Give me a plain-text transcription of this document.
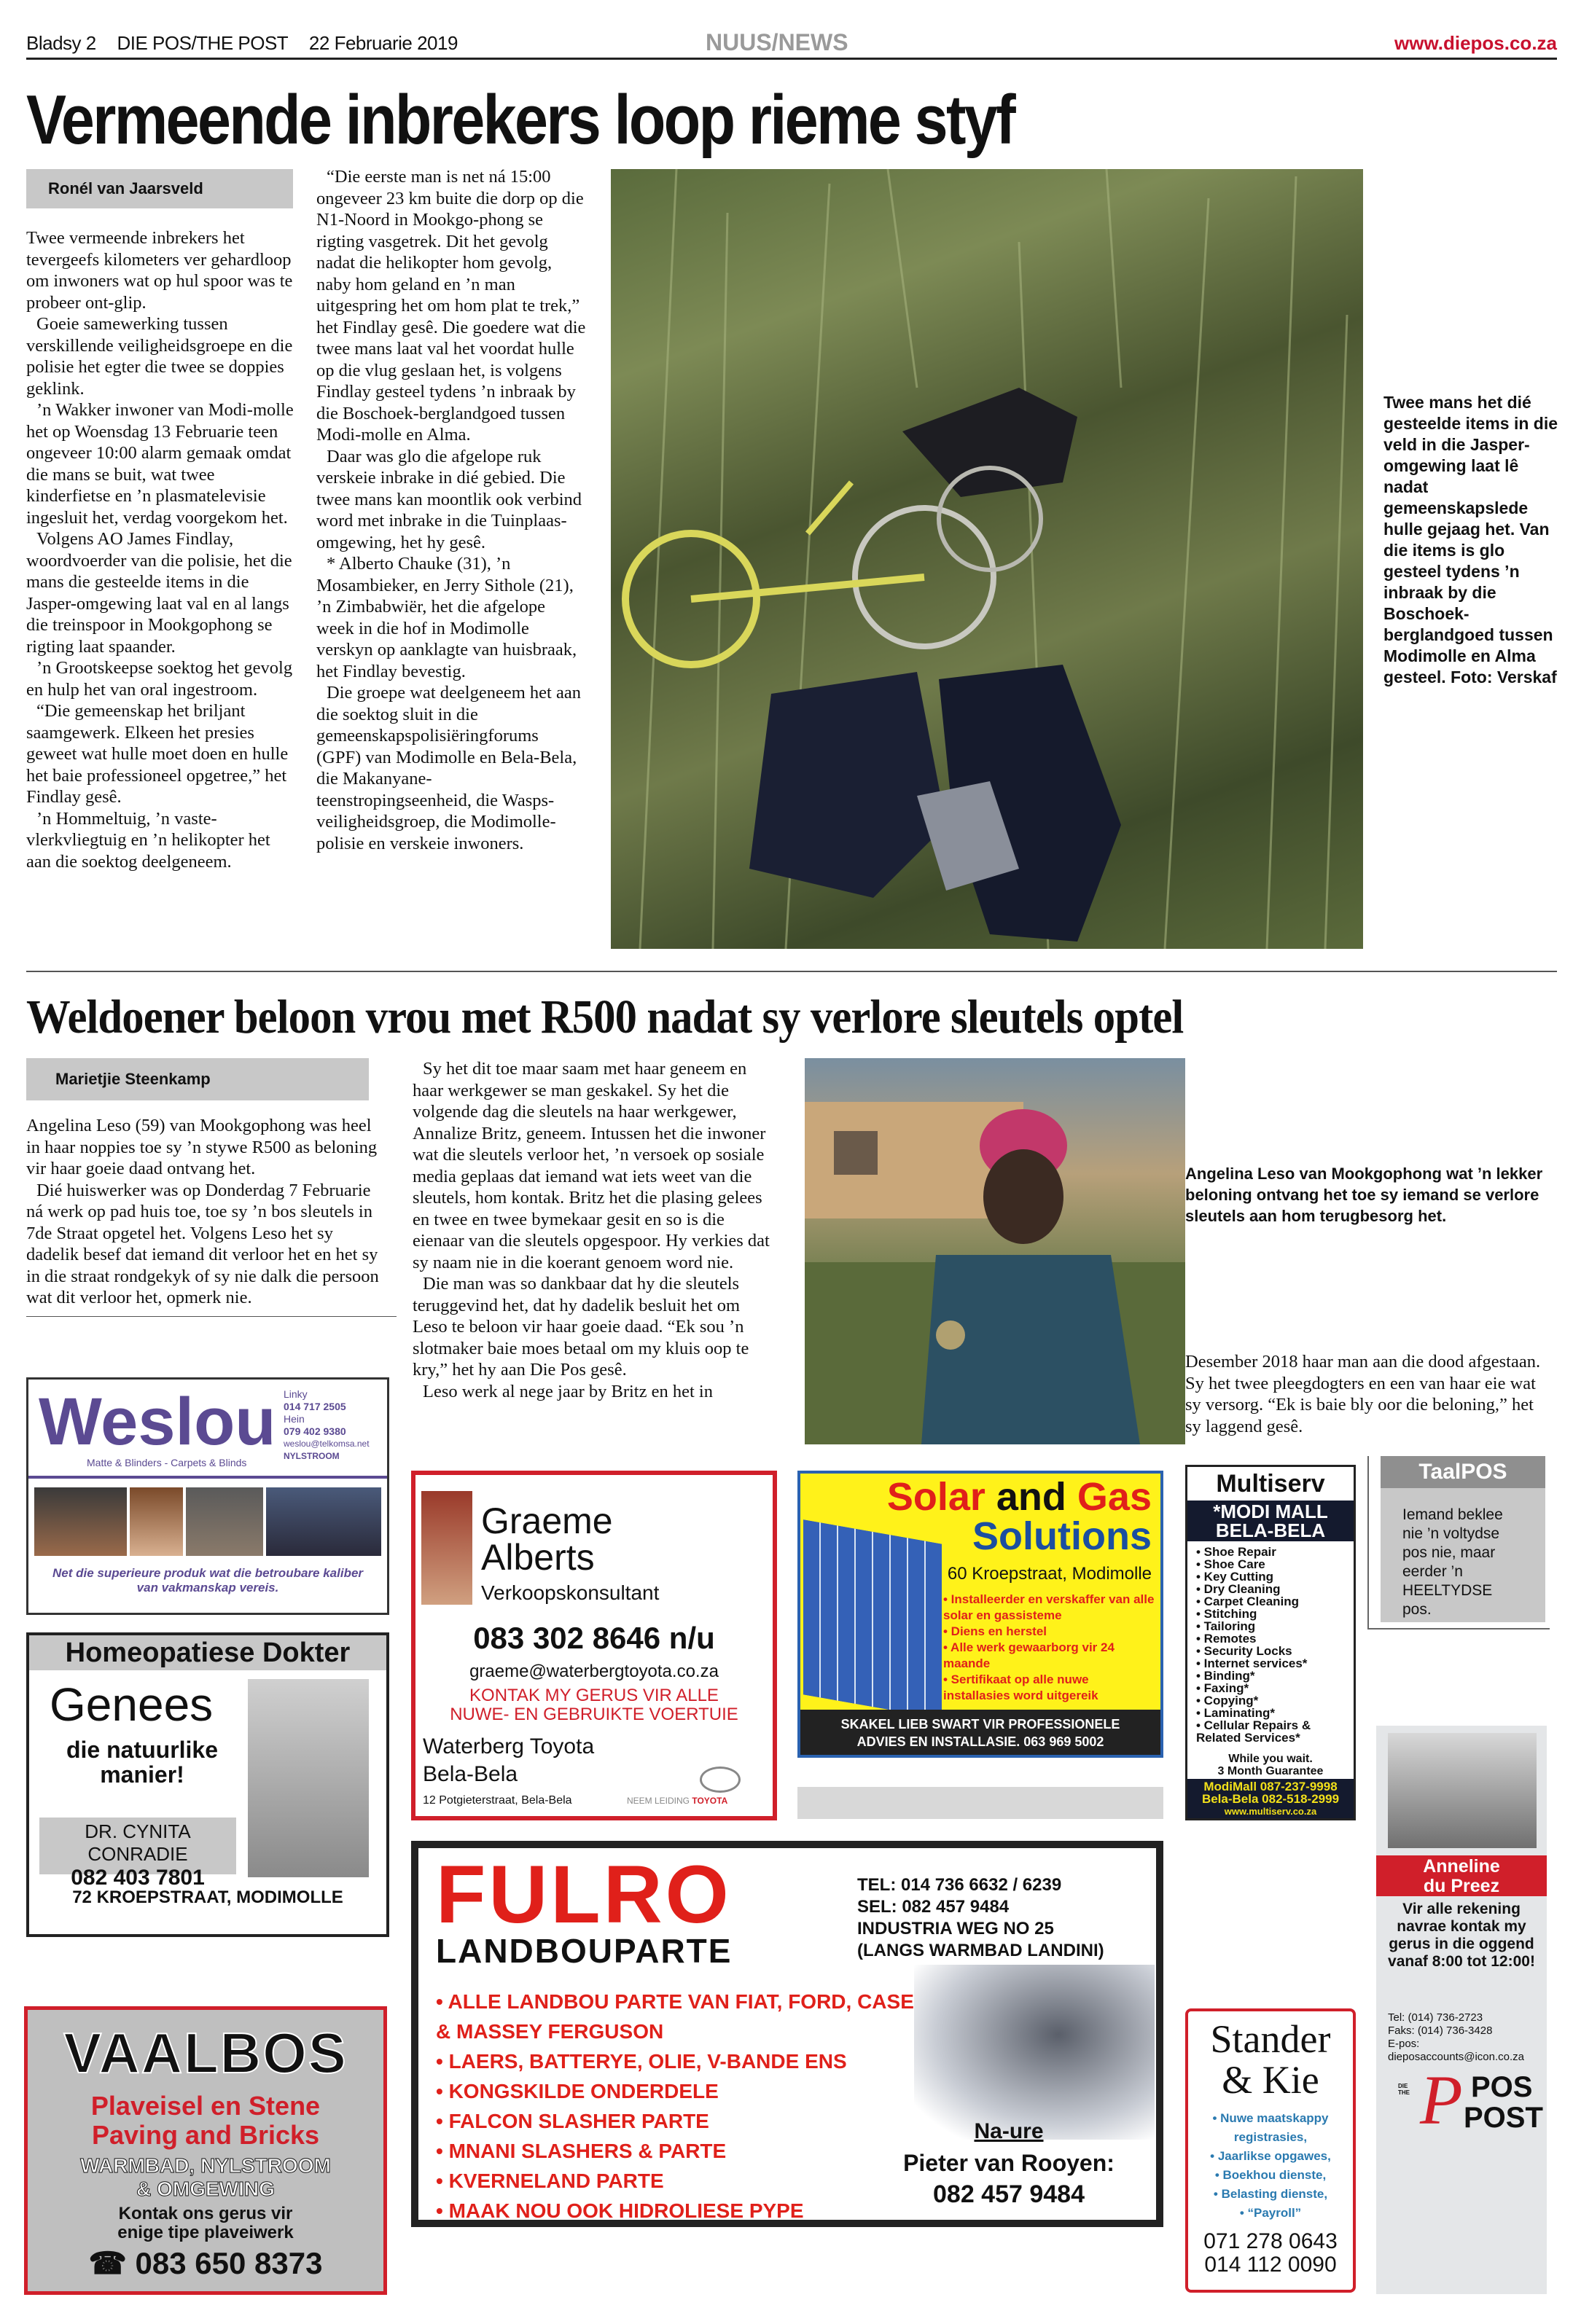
Bladsy 2 DIE POS/THE POST 22 Februarie 2019	NUUS/NEWS	www.diepos.co.za
Vermeende inbrekers loop rieme styf
Ronél van Jaarsveld

Twee vermeende inbrekers het tevergeefs kilometers ver gehardloop om inwoners wat op hul spoor was te probeer ont-glip.

Goeie samewerking tussen verskillende veiligheidsgroepe en die polisie het egter die twee se doppies geklink.

’n Wakker inwoner van Modi-molle het op Woensdag 13 Februarie teen ongeveer 10:00 alarm gemaak omdat die mans se buit, wat twee kinderfietse en ’n plasmatelevisie ingesluit het, verdag voorgekom het.

Volgens AO James Findlay, woordvoerder van die polisie, het die mans die gesteelde items in die Jasper-omgewing laat val en al langs die treinspoor in Mookgophong se rigting laat spaander.

’n Grootskeepse soektog het gevolg en hulp het van oral ingestroom.

“Die gemeenskap het briljant saamgewerk. Elkeen het presies geweet wat hulle moet doen en hulle het baie professioneel opgetree,” het Findlay gesê.

’n Hommeltuig, ’n vaste-vlerkvliegtuig en ’n helikopter het aan die soektog deelgeneem.

“Die eerste man is net ná 15:00 ongeveer 23 km buite die dorp op die N1-Noord in Mookgo-phong se rigting vasgetrek. Dit het gevolg nadat die helikopter hom gevolg, naby hom geland en ’n man uitgespring het om hom plat te trek,” het Findlay gesê. Die goedere wat die twee mans laat val het voordat hulle op die vlug geslaan het, is volgens Findlay gesteel tydens ’n inbraak by die Boschoek-berglandgoed tussen Modi-molle en Alma.

Daar was glo die afgelope ruk verskeie inbrake in dié gebied. Die twee mans kan moontlik ook verbind word met inbrake in die Tuinplaas-omgewing, het hy gesê.

* Alberto Chauke (31), ’n Mosambieker, en Jerry Sithole (21), ’n Zimbabwiër, het die afgelope week in die hof in Modimolle verskyn op aanklagte van huisbraak, het Findlay bevestig.

Die groepe wat deelgeneem het aan die soektog sluit in die gemeenskapspolisiëringforums (GPF) van Modimolle en Bela-Bela, die Makanyane-teenstropingseenheid, die Wasps-veiligheidsgroep, die Modimolle-polisie en verskeie inwoners.

Twee mans het dié gesteelde items in die veld in die Jasper-omgewing laat lê nadat gemeenskapslede hulle gejaag het. Van die items is glo gesteel tydens ’n inbraak by die Boschoek-berglandgoed tussen Modimolle en Alma gesteel. Foto: Verskaf
Weldoener beloon vrou met R500 nadat sy verlore sleutels optel
Marietjie Steenkamp

Angelina Leso (59) van Mookgophong was heel in haar noppies toe sy ’n stywe R500 as beloning vir haar goeie daad ontvang het.

Dié huiswerker was op Donderdag 7 Februarie ná werk op pad huis toe, toe sy ’n bos sleutels in 7de Straat opgetel het. Volgens Leso het sy dadelik besef dat iemand dit verloor het en het sy in die straat rondgekyk of sy nie dalk die persoon wat dit verloor het, opmerk nie.

Sy het dit toe maar saam met haar geneem en haar werkgewer se man geskakel. Sy het die volgende dag die sleutels na haar werkgewer, Annalize Britz, geneem. Intussen het die inwoner wat die sleutels verloor het, ’n versoek op sosiale media geplaas dat iemand wat iets weet van die sleutels, hom kontak. Britz het die plasing gelees en twee en twee bymekaar gesit en so is die eienaar van die sleutels opgespoor. Hy verkies dat sy naam nie in die koerant genoem word nie.

Die man was so dankbaar dat hy die sleutels teruggevind het, dat hy dadelik besluit het om Leso te beloon vir haar goeie daad. “Ek sou ’n slotmaker baie moes betaal om my kluis oop te kry,” het hy aan Die Pos gesê.

Leso werk al nege jaar by Britz en het in

Angelina Leso van Mookgophong wat ’n lekker beloning ontvang het toe sy iemand se verlore sleutels aan hom terugbesorg het.
Desember 2018 haar man aan die dood afgestaan. Sy het twee pleegdogters en een van haar eie wat sy versorg. “Ek is baie bly oor die beloning,” het sy laggend gesê.
Weslou Linky
014 717 2505
Hein
079 402 9380
weslou@telkomsa.net
NYLSTROOM
Matte & Blinders - Carpets & Blinds
Net die superieure produk wat die betroubare kaliber van vakmanskap vereis.
Homeopatiese Dokter
Genees
die natuurlike manier!
DR. CYNITA CONRADIE
082 403 7801
72 KROEPSTRAAT, MODIMOLLE
VAALBOS
Plaveisel en Stene
Paving and Bricks
WARMBAD, NYLSTROOM
& OMGEWING
Kontak ons gerus vir
enige tipe plaveiwerk
☎ 083 650 8373
Graeme
Alberts
Verkoopskonsultant
083 302 8646 n/u
graeme@waterbergtoyota.co.za
KONTAK MY GERUS VIR ALLE
NUWE- EN GEBRUIKTE VOERTUIE
Waterberg Toyota
Bela-Bela
12 Potgieterstraat, Bela-Bela	NEEM LEIDING TOYOTA
Solar and Gas
Solutions
60 Kroepstraat, Modimolle
• Installeerder en verskaffer van alle solar en gassisteme
• Diens en herstel
• Alle werk gewaarborg vir 24 maande
• Sertifikaat op alle nuwe installasies word uitgereik
SKAKEL LIEB SWART VIR PROFESSIONELE
ADVIES EN INSTALLASIE. 063 969 5002
FULRO
LANDBOUPARTE
TEL: 014 736 6632 / 6239
SEL: 082 457 9484
INDUSTRIA WEG NO 25
(LANGS WARMBAD LANDINI)
• ALLE LANDBOU PARTE VAN FIAT, FORD, CASE & MASSEY FERGUSON
• LAERS, BATTERYE, OLIE, V-BANDE ENS
• KONGSKILDE ONDERDELE
• FALCON SLASHER PARTE
• MNANI SLASHERS & PARTE
• KVERNELAND PARTE
• MAAK NOU OOK HIDROLIESE PYPE
Na-ure
Pieter van Rooyen:
082 457 9484
Multiserv
*MODI MALL
BELA-BELA
• Shoe Repair
• Shoe Care
• Key Cutting
• Dry Cleaning
• Carpet Cleaning
• Stitching
• Tailoring
• Remotes
• Security Locks
• Internet services*
• Binding*
• Faxing*
• Copying*
• Laminating*
• Cellular Repairs & Related Services*
While you wait.
3 Month Guarantee
ModiMall 087-237-9998
Bela-Bela 082-518-2999
www.multiserv.co.za
Stander
& Kie
• Nuwe maatskappy registrasies,
• Jaarlikse opgawes,
• Boekhou dienste,
• Belasting dienste,
• “Payroll”
071 278 0643
014 112 0090
TaalPOS
Iemand beklee nie ’n voltydse pos nie, maar eerder ’n HEELTYDSE pos.
Anneline
du Preez
Vir alle rekening navrae kontak my gerus in die oggend vanaf 8:00 tot 12:00!
Tel: (014) 736-2723
Faks: (014) 736-3428
E-pos:
dieposaccounts@icon.co.za
DIE THE P POS
POST
